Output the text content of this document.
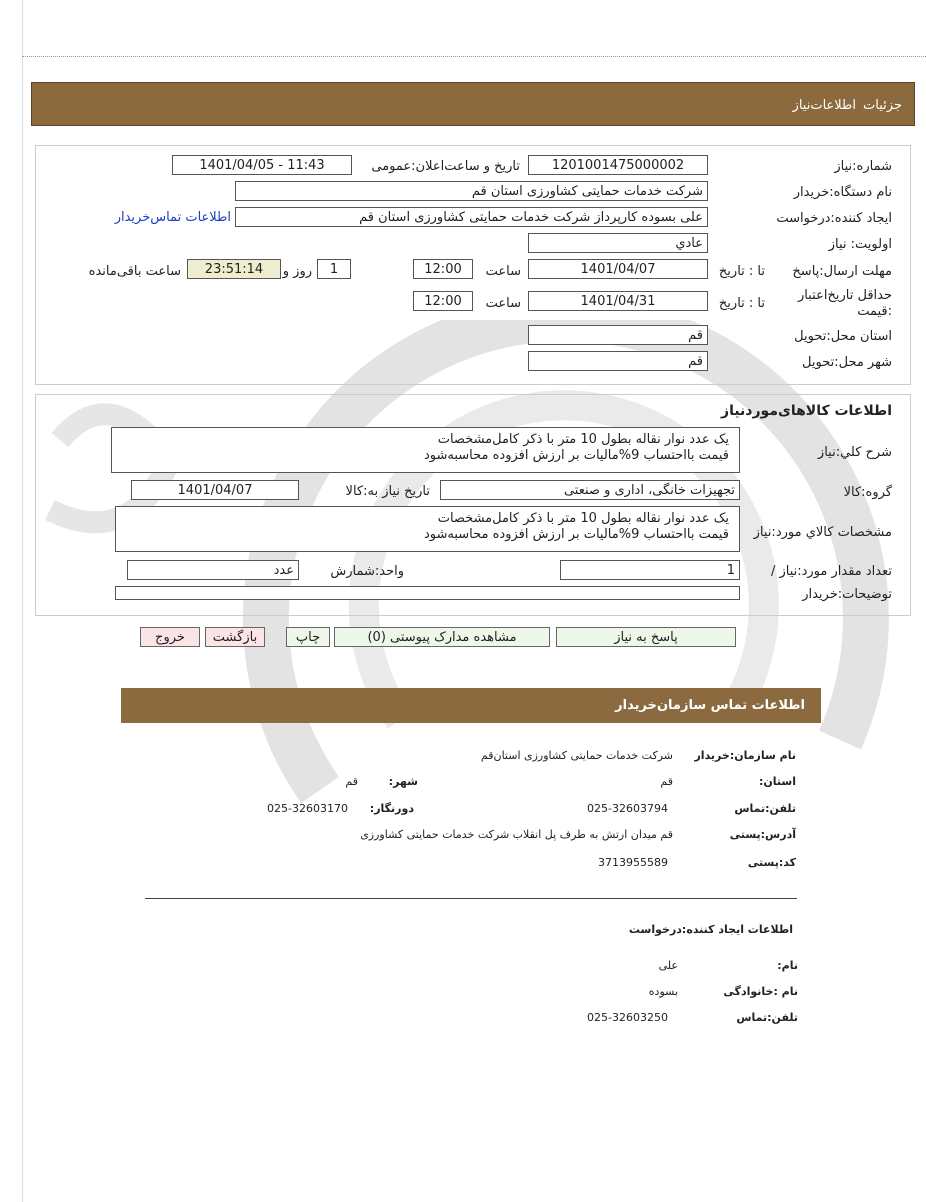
جزئیات
اطلاعات‌نیاز
شماره:نیاز
1201001475000002
تاریخ و ساعت‌اعلان:عمومی
1401/04/05 - 11:43
نام دستگاه:خریدار
شرکت خدمات حمایتی کشاورزی استان قم
ایجاد کننده:درخواست
علی بسوده کارپرداز شرکت خدمات حمایتی کشاورزی استان قم
اطلاعات تماس‌خریدار
اولویت: نیاز
عادي
مهلت ارسال:پاسخ
تا : تاریخ
1401/04/07
ساعت
12:00
1
روز و
23:51:14
ساعت باقی‌مانده
حداقل تاریخ‌اعتبار :قیمت
تا : تاریخ
1401/04/31
ساعت
12:00
استان محل:تحویل
قم
شهر محل:تحویل
قم
اطلاعات کالاهای‌موردنیاز
شرح کلي:نیاز
یک عدد نوار نقاله بطول 10 متر با ذکر کامل‌مشخصات
قیمت بااحتساب 9%مالیات بر ارزش افزوده محاسبه‌شود
گروه:کالا
تجهیزات خانگی، اداری و صنعتی
تاریخ نیاز به:کالا
1401/04/07
مشخصات کالاي مورد:نیاز
یک عدد نوار نقاله بطول 10 متر با ذکر کامل‌مشخصات
قیمت بااحتساب 9%مالیات بر ارزش افزوده محاسبه‌شود
/ تعداد مقدار مورد:نیاز
1
واحد:شمارش
عدد
توضیحات:خریدار
پاسخ به نیاز
مشاهده مدارک پیوستی (0)
چاپ
بازگشت
خروج
اطلاعات تماس سازمان‌خریدار
نام سازمان:خریدار
شرکت خدمات حمایتی کشاورزی استان‌قم
:استان
قم
:شهر
قم
تلفن:تماس
025-32603794
:دورنگار
025-32603170
آدرس:پستی
قم میدان ارتش به طرف پل انقلاب شرکت خدمات حمایتی کشاورزی
کد:پستی
3713955589
اطلاعات ایجاد کننده:درخواست
:نام
علی
نام :خانوادگی
بسوده
تلفن:تماس
025-32603250
